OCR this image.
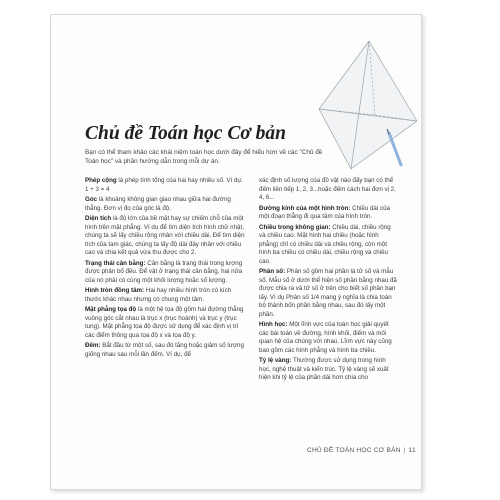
Chủ đề Toán học Cơ bản

Bạn có thể tham khảo các khái niệm toán học dưới đây để hiểu hơn về các "Chủ đề Toán học" và phần hướng dẫn trong mỗi dự án.

Phép cộng là phép tính tổng của hai hay nhiều số. Ví dụ: 1 + 3 = 4

Góc là khoảng không gian giao nhau giữa hai đường thẳng. Đơn vị đo của góc là độ.

Diện tích là độ lớn của bề mặt hay sự chiếm chỗ của một hình trên mặt phẳng. Ví dụ để tìm diện tích hình chữ nhật, chúng ta sẽ lấy chiều rộng nhân với chiều dài. Để tìm diện tích của tam giác, chúng ta lấy độ dài đáy nhân với chiều cao và chia kết quả vừa thu được cho 2.

Trạng thái cân bằng: Cân bằng là trạng thái trong lượng được phân bổ đều. Để vật ở trạng thái cân bằng, hai nửa của nó phải có cùng một khối lượng hoặc số lượng.

Hình tròn đồng tâm: Hai hay nhiều hình tròn có kích thước khác nhau nhưng có chung một tâm.

Mặt phẳng tọa độ là một hệ tọa độ gồm hai đường thẳng vuông góc cắt nhau là trục x (trục hoành) và trục y (trục tung). Mặt phẳng tọa độ được sử dụng để xác định vị trí các điểm thông qua tọa độ x và tọa độ y.

Đếm: Bắt đầu từ một số, sau đó tăng hoặc giảm số lượng giống nhau sau mỗi lần đếm. Ví dụ, để

xác định số lượng của đồ vật nào đấy bạn có thể đếm liên tiếp 1, 2, 3...hoặc đếm cách hai đơn vị 2, 4, 6...

Đường kính của một hình tròn: Chiều dài của một đoạn thẳng đi qua tâm của hình tròn.

Chiều trong không gian: Chiều dài, chiều rộng và chiều cao. Mặt hình hai chiều (hoặc hình phẳng) chỉ có chiều dài và chiều rộng, còn một hình ba chiều có chiều dài, chiều rộng và chiều cao.

Phân số: Phân số gồm hai phần là tử số và mẫu số. Mẫu số ở dưới thể hiện số phần bằng nhau đã được chia ra và tử số ở trên cho biết số phần bạn lấy. Ví dụ Phân số 1/4 mang ý nghĩa là chia toàn bộ thành bốn phần bằng nhau, sau đó lấy một phần.

Hình học: Một lĩnh vực của toán học giải quyết các bài toán về đường, hình khối, điểm và mối quan hệ của chúng với nhau. Lĩnh vực này cũng bao gồm các hình phẳng và hình ba chiều.

Tỷ lệ vàng: Thường được sử dụng trong hình học, nghệ thuật và kiến trúc. Tỷ lệ vàng sẽ xuất hiện khi tỷ lệ của phần dài hơn chia cho

CHỦ ĐỀ TOÁN HỌC CƠ BẢN | 11
